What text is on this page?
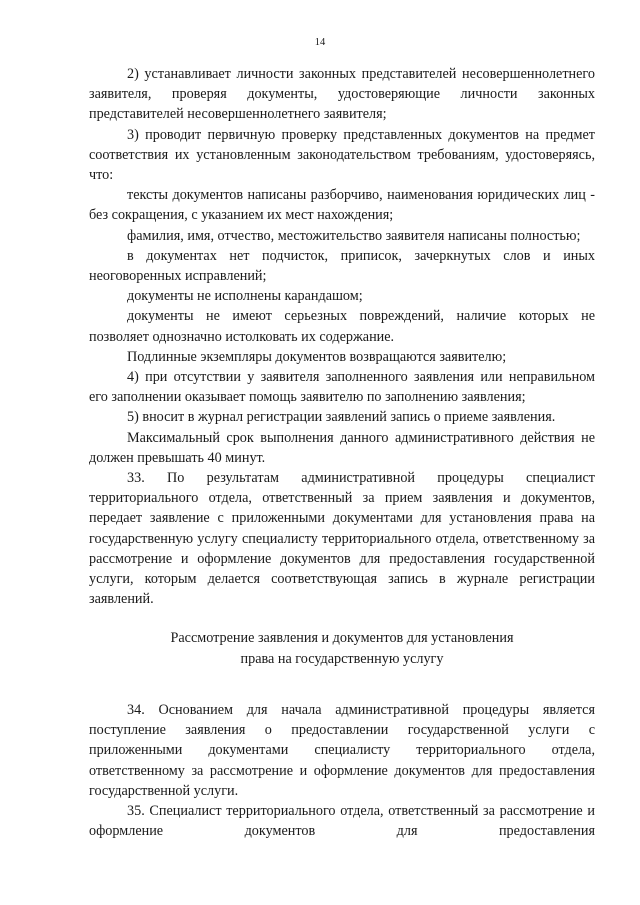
14

2) устанавливает личности законных представителей несовершеннолетнего заявителя, проверяя документы, удостоверяющие личности законных представителей несовершеннолетнего заявителя;

3) проводит первичную проверку представленных документов на предмет соответствия их установленным законодательством требованиям, удостоверяясь, что:

тексты документов написаны разборчиво, наименования юридических лиц - без сокращения, с указанием их мест нахождения;

фамилия, имя, отчество, местожительство заявителя написаны полностью;

в документах нет подчисток, приписок, зачеркнутых слов и иных неоговоренных исправлений;

документы не исполнены карандашом;

документы не имеют серьезных повреждений, наличие которых не позволяет однозначно истолковать их содержание.

Подлинные экземпляры документов возвращаются заявителю;

4) при отсутствии у заявителя заполненного заявления или неправильном его заполнении оказывает помощь заявителю по заполнению заявления;

5) вносит в журнал регистрации заявлений запись о приеме заявления.

Максимальный срок выполнения данного административного действия не должен превышать 40 минут.

33. По результатам административной процедуры специалист территориального отдела, ответственный за прием заявления и документов, передает заявление с приложенными документами для установления права на государственную услугу специалисту территориального отдела, ответственному за рассмотрение и оформление документов для предоставления государственной услуги, которым делается соответствующая запись в журнале регистрации заявлений.

Рассмотрение заявления и документов для установления
права на государственную услугу

34. Основанием для начала административной процедуры является поступление заявления о предоставлении государственной услуги с приложенными документами специалисту территориального отдела, ответственному за рассмотрение и оформление документов для предоставления государственной услуги.

35. Специалист территориального отдела, ответственный за рассмотрение и оформление документов для предоставления
